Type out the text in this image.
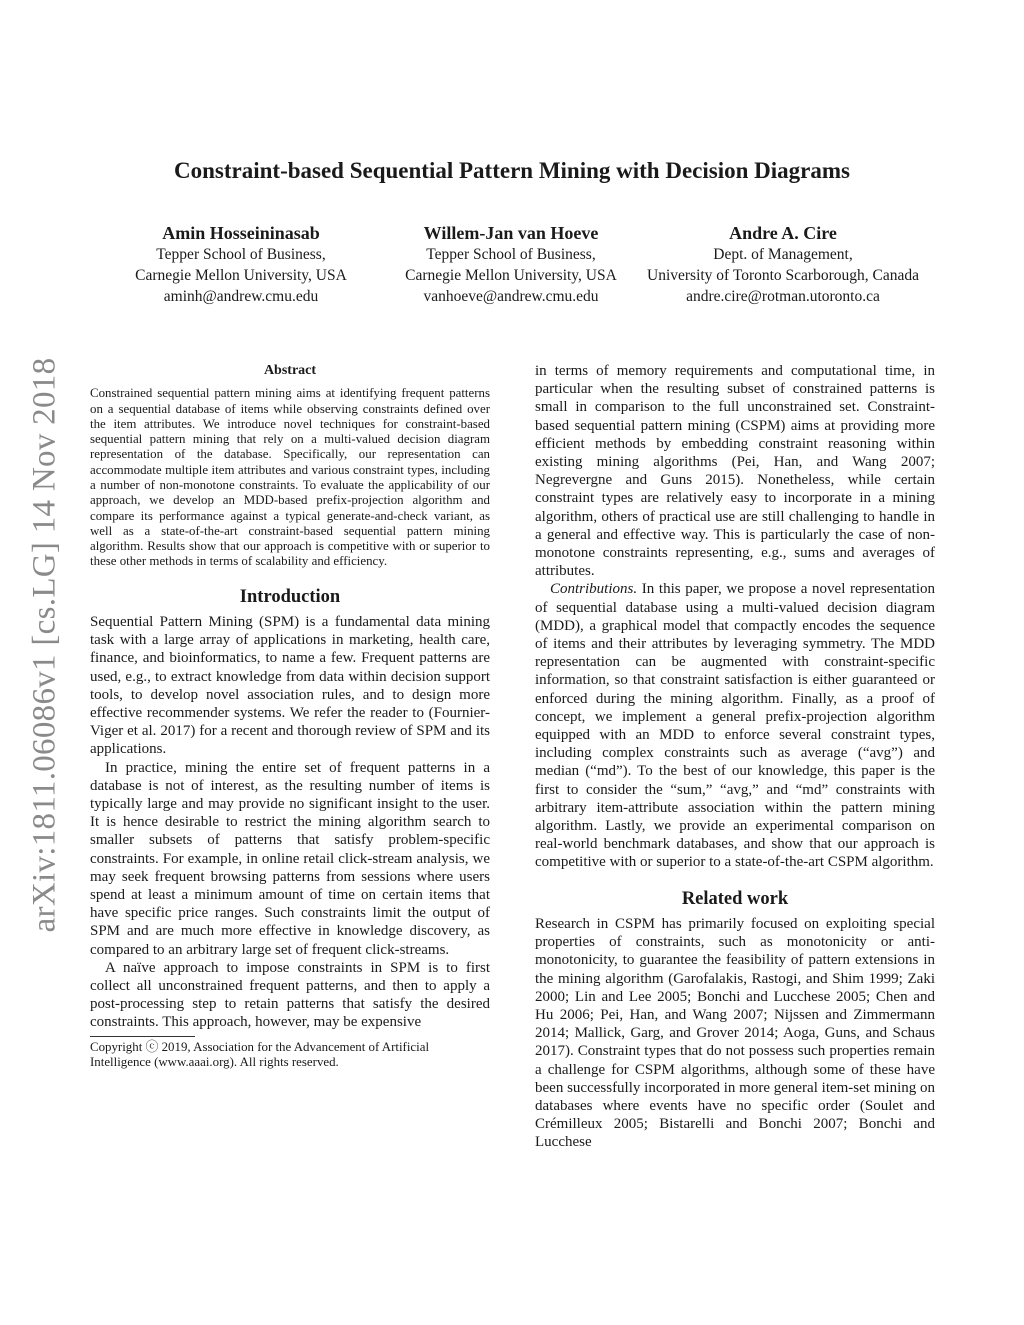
arXiv:1811.06086v1 [cs.LG] 14 Nov 2018
Constraint-based Sequential Pattern Mining with Decision Diagrams
Amin Hosseininasab
Tepper School of Business,
Carnegie Mellon University, USA
aminh@andrew.cmu.edu
Willem-Jan van Hoeve
Tepper School of Business,
Carnegie Mellon University, USA
vanhoeve@andrew.cmu.edu
Andre A. Cire
Dept. of Management,
University of Toronto Scarborough, Canada
andre.cire@rotman.utoronto.ca
Abstract

Constrained sequential pattern mining aims at identifying frequent patterns on a sequential database of items while observing constraints defined over the item attributes. We introduce novel techniques for constraint-based sequential pattern mining that rely on a multi-valued decision diagram representation of the database. Specifically, our representation can accommodate multiple item attributes and various constraint types, including a number of non-monotone constraints. To evaluate the applicability of our approach, we develop an MDD-based prefix-projection algorithm and compare its performance against a typical generate-and-check variant, as well as a state-of-the-art constraint-based sequential pattern mining algorithm. Results show that our approach is competitive with or superior to these other methods in terms of scalability and efficiency.

Introduction

Sequential Pattern Mining (SPM) is a fundamental data mining task with a large array of applications in marketing, health care, finance, and bioinformatics, to name a few. Frequent patterns are used, e.g., to extract knowledge from data within decision support tools, to develop novel association rules, and to design more effective recommender systems. We refer the reader to (Fournier-Viger et al. 2017) for a recent and thorough review of SPM and its applications.

In practice, mining the entire set of frequent patterns in a database is not of interest, as the resulting number of items is typically large and may provide no significant insight to the user. It is hence desirable to restrict the mining algorithm search to smaller subsets of patterns that satisfy problem-specific constraints. For example, in online retail click-stream analysis, we may seek frequent browsing patterns from sessions where users spend at least a minimum amount of time on certain items that have specific price ranges. Such constraints limit the output of SPM and are much more effective in knowledge discovery, as compared to an arbitrary large set of frequent click-streams.

A naïve approach to impose constraints in SPM is to first collect all unconstrained frequent patterns, and then to apply a post-processing step to retain patterns that satisfy the desired constraints. This approach, however, may be expensive

Copyright ⓒ 2019, Association for the Advancement of Artificial
Intelligence (www.aaai.org). All rights reserved.

in terms of memory requirements and computational time, in particular when the resulting subset of constrained patterns is small in comparison to the full unconstrained set. Constraint-based sequential pattern mining (CSPM) aims at providing more efficient methods by embedding constraint reasoning within existing mining algorithms (Pei, Han, and Wang 2007; Negrevergne and Guns 2015). Nonetheless, while certain constraint types are relatively easy to incorporate in a mining algorithm, others of practical use are still challenging to handle in a general and effective way. This is particularly the case of non-monotone constraints representing, e.g., sums and averages of attributes.

Contributions. In this paper, we propose a novel representation of sequential database using a multi-valued decision diagram (MDD), a graphical model that compactly encodes the sequence of items and their attributes by leveraging symmetry. The MDD representation can be augmented with constraint-specific information, so that constraint satisfaction is either guaranteed or enforced during the mining algorithm. Finally, as a proof of concept, we implement a general prefix-projection algorithm equipped with an MDD to enforce several constraint types, including complex constraints such as average (“avg”) and median (“md”). To the best of our knowledge, this paper is the first to consider the “sum,” “avg,” and “md” constraints with arbitrary item-attribute association within the pattern mining algorithm. Lastly, we provide an experimental comparison on real-world benchmark databases, and show that our approach is competitive with or superior to a state-of-the-art CSPM algorithm.

Related work

Research in CSPM has primarily focused on exploiting special properties of constraints, such as monotonicity or anti-monotonicity, to guarantee the feasibility of pattern extensions in the mining algorithm (Garofalakis, Rastogi, and Shim 1999; Zaki 2000; Lin and Lee 2005; Bonchi and Lucchese 2005; Chen and Hu 2006; Pei, Han, and Wang 2007; Nijssen and Zimmermann 2014; Mallick, Garg, and Grover 2014; Aoga, Guns, and Schaus 2017). Constraint types that do not possess such properties remain a challenge for CSPM algorithms, although some of these have been successfully incorporated in more general item-set mining on databases where events have no specific order (Soulet and Crémilleux 2005; Bistarelli and Bonchi 2007; Bonchi and Lucchese
